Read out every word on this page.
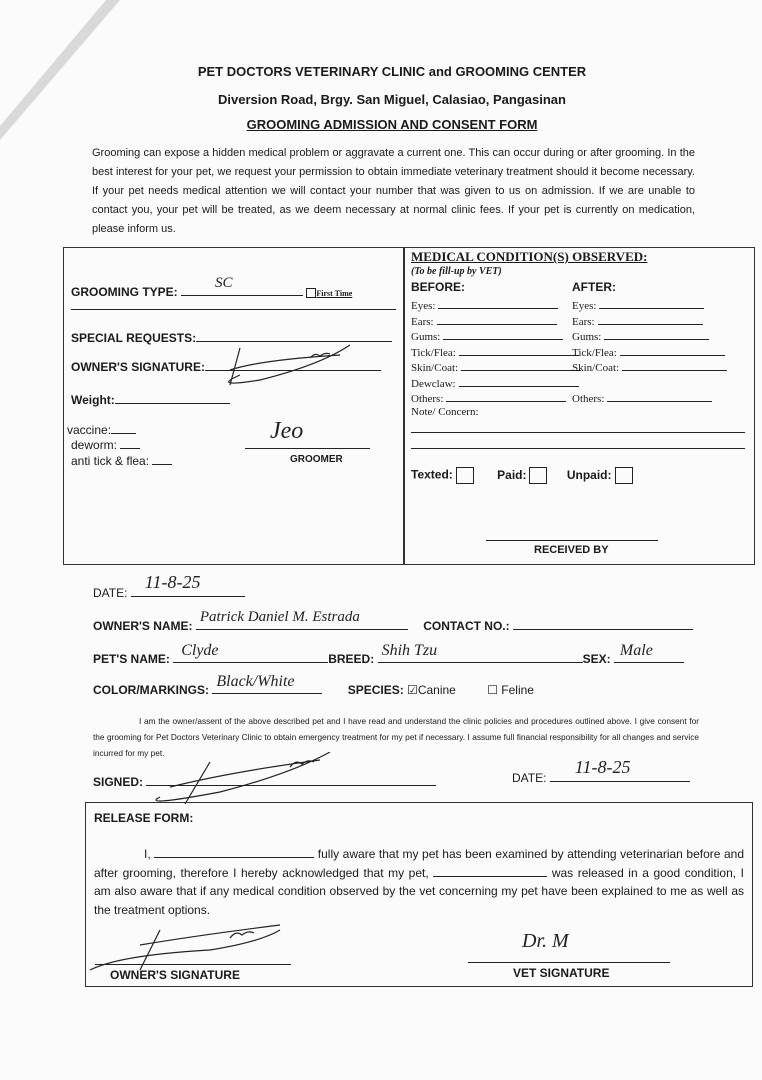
PET DOCTORS VETERINARY CLINIC and GROOMING CENTER
Diversion Road, Brgy. San Miguel, Calasiao, Pangasinan
GROOMING ADMISSION AND CONSENT FORM
Grooming can expose a hidden medical problem or aggravate a current one. This can occur during or after grooming. In the best interest for your pet, we request your permission to obtain immediate veterinary treatment should it become necessary. If your pet needs medical attention we will contact your number that was given to us on admission. If we are unable to contact you, your pet will be treated, as we deem necessary at normal clinic fees. If your pet is currently on medication, please inform us.
GROOMING TYPE:
SC
First Time
SPECIAL REQUESTS:
OWNER'S SIGNATURE:
Weight:
vaccine:
deworm:
anti tick & flea:
Jeo
GROOMER
MEDICAL CONDITION(S) OBSERVED:
(To be fill-up by VET)
BEFORE:	AFTER:
Eyes:	Eyes:
Ears:	Ears:
Gums:	Gums:
Tick/Flea:	Tick/Flea:
Skin/Coat:	Skin/Coat:
Dewclaw:
Others:	Others:
Note/ Concern:
Texted:	Paid:	Unpaid:
RECEIVED BY
DATE:
11-8-25
OWNER'S NAME:
Patrick Daniel M. Estrada
CONTACT NO.:
PET'S NAME: Clyde	BREED: Shih Tzu	SEX: Male
COLOR/MARKINGS: Black/White	SPECIES: ☑Canine	☐ Feline
I am the owner/assent of the above described pet and I have read and understand the clinic policies and procedures outlined above. I give consent for the grooming for Pet Doctors Veterinary Clinic to obtain emergency treatment for my pet if necessary. I assume full financial responsibility for all changes and service incurred for my pet.
SIGNED:	DATE:
11-8-25
RELEASE FORM:
I,	fully aware that my pet has been examined by attending veterinarian before and after grooming, therefore I hereby acknowledged that my pet,	was released in a good condition, I am also aware that if any medical condition observed by the vet concerning my pet have been explained to me as well as the treatment options.
OWNER'S SIGNATURE
Dr. M
VET SIGNATURE
